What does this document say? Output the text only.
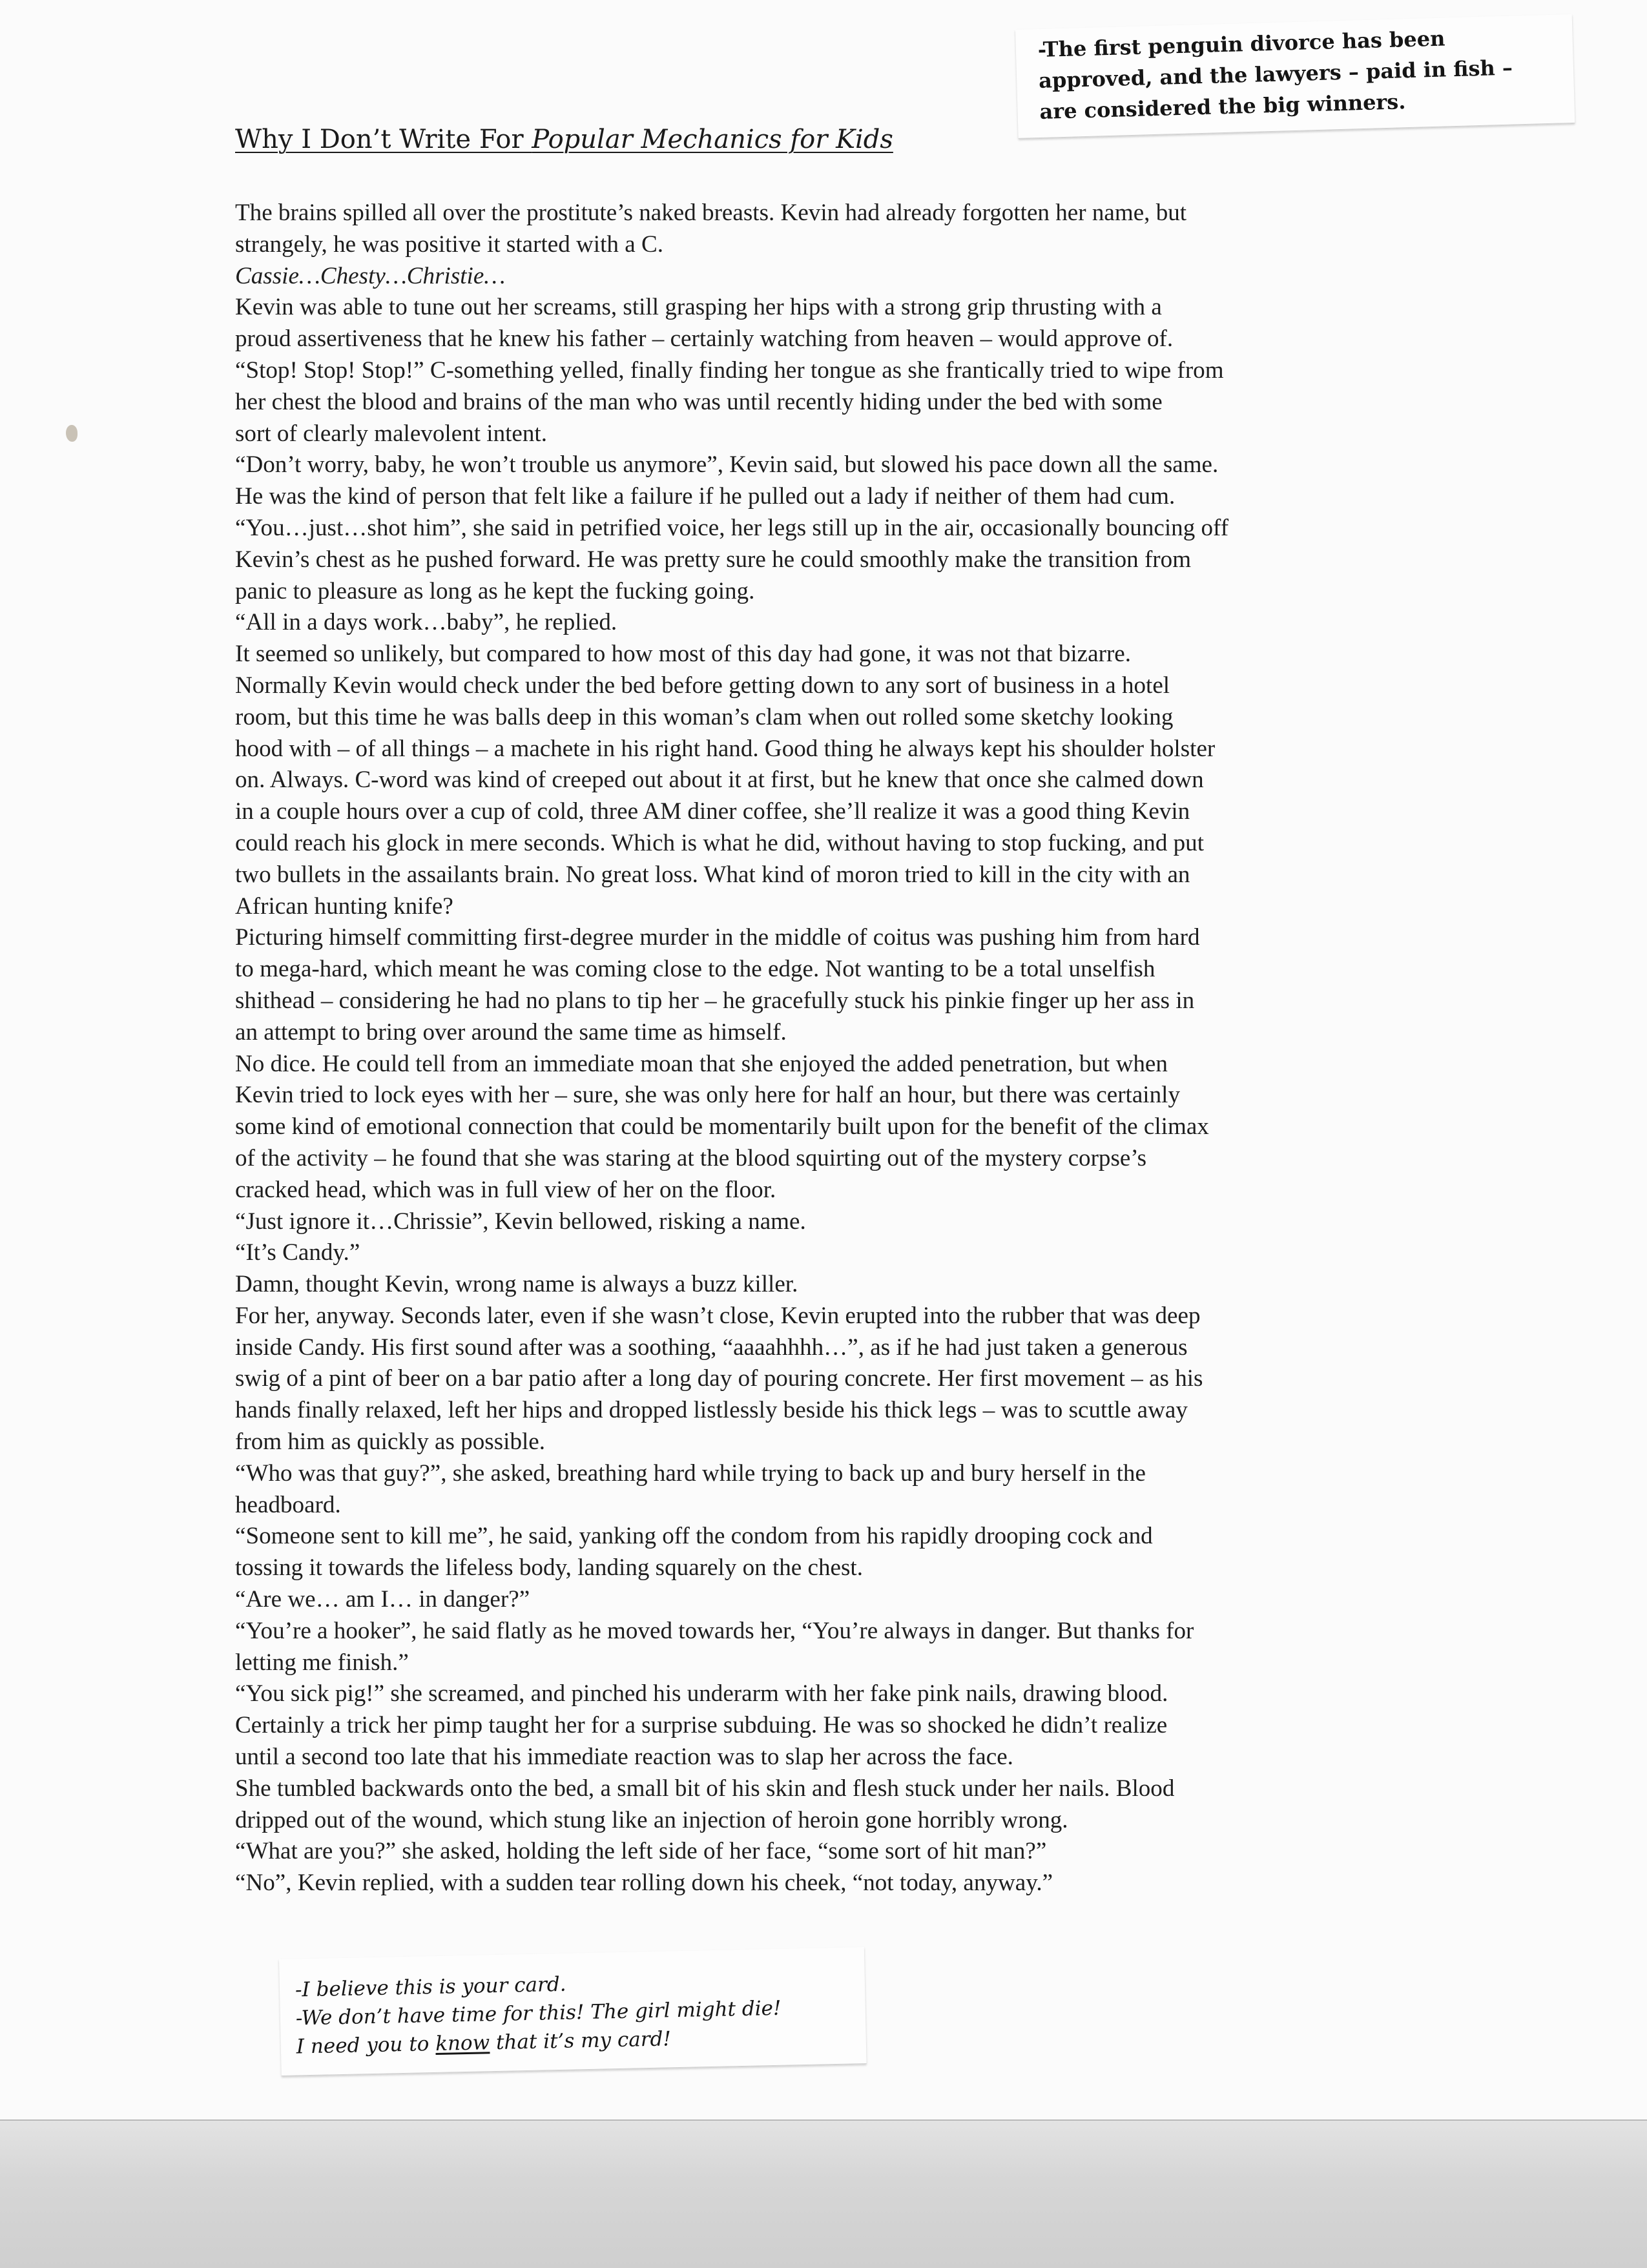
-The first penguin divorce has been
approved, and the lawyers – paid in fish –
are considered the big winners.
Why I Don’t Write For Popular Mechanics for Kids
The brains spilled all over the prostitute’s naked breasts. Kevin had already forgotten her name, but
strangely, he was positive it started with a C.
Cassie…Chesty…Christie…
Kevin was able to tune out her screams, still grasping her hips with a strong grip thrusting with a
proud assertiveness that he knew his father – certainly watching from heaven – would approve of.
“Stop! Stop! Stop!” C-something yelled, finally finding her tongue as she frantically tried to wipe from
her chest the blood and brains of the man who was until recently hiding under the bed with some
sort of clearly malevolent intent.
“Don’t worry, baby, he won’t trouble us anymore”, Kevin said, but slowed his pace down all the same.
He was the kind of person that felt like a failure if he pulled out a lady if neither of them had cum.
“You…just…shot him”, she said in petrified voice, her legs still up in the air, occasionally bouncing off
Kevin’s chest as he pushed forward. He was pretty sure he could smoothly make the transition from
panic to pleasure as long as he kept the fucking going.
“All in a days work…baby”, he replied.
It seemed so unlikely, but compared to how most of this day had gone, it was not that bizarre.
Normally Kevin would check under the bed before getting down to any sort of business in a hotel
room, but this time he was balls deep in this woman’s clam when out rolled some sketchy looking
hood with – of all things – a machete in his right hand. Good thing he always kept his shoulder holster
on. Always. C-word was kind of creeped out about it at first, but he knew that once she calmed down
in a couple hours over a cup of cold, three AM diner coffee, she’ll realize it was a good thing Kevin
could reach his glock in mere seconds. Which is what he did, without having to stop fucking, and put
two bullets in the assailants brain. No great loss. What kind of moron tried to kill in the city with an
African hunting knife?
Picturing himself committing first-degree murder in the middle of coitus was pushing him from hard
to mega-hard, which meant he was coming close to the edge. Not wanting to be a total unselfish
shithead – considering he had no plans to tip her – he gracefully stuck his pinkie finger up her ass in
an attempt to bring over around the same time as himself.
No dice. He could tell from an immediate moan that she enjoyed the added penetration, but when
Kevin tried to lock eyes with her – sure, she was only here for half an hour, but there was certainly
some kind of emotional connection that could be momentarily built upon for the benefit of the climax
of the activity – he found that she was staring at the blood squirting out of the mystery corpse’s
cracked head, which was in full view of her on the floor.
“Just ignore it…Chrissie”, Kevin bellowed, risking a name.
“It’s Candy.”
Damn, thought Kevin, wrong name is always a buzz killer.
For her, anyway. Seconds later, even if she wasn’t close, Kevin erupted into the rubber that was deep
inside Candy. His first sound after was a soothing, “aaaahhhh…”, as if he had just taken a generous
swig of a pint of beer on a bar patio after a long day of pouring concrete. Her first movement – as his
hands finally relaxed, left her hips and dropped listlessly beside his thick legs – was to scuttle away
from him as quickly as possible.
“Who was that guy?”, she asked, breathing hard while trying to back up and bury herself in the
headboard.
“Someone sent to kill me”, he said, yanking off the condom from his rapidly drooping cock and
tossing it towards the lifeless body, landing squarely on the chest.
“Are we… am I… in danger?”
“You’re a hooker”, he said flatly as he moved towards her, “You’re always in danger. But thanks for
letting me finish.”
“You sick pig!” she screamed, and pinched his underarm with her fake pink nails, drawing blood.
Certainly a trick her pimp taught her for a surprise subduing. He was so shocked he didn’t realize
until a second too late that his immediate reaction was to slap her across the face.
She tumbled backwards onto the bed, a small bit of his skin and flesh stuck under her nails. Blood
dripped out of the wound, which stung like an injection of heroin gone horribly wrong.
“What are you?” she asked, holding the left side of her face, “some sort of hit man?”
“No”, Kevin replied, with a sudden tear rolling down his cheek, “not today, anyway.”
-I believe this is your card.
-We don’t have time for this! The girl might die!
I need you to know that it’s my card!
